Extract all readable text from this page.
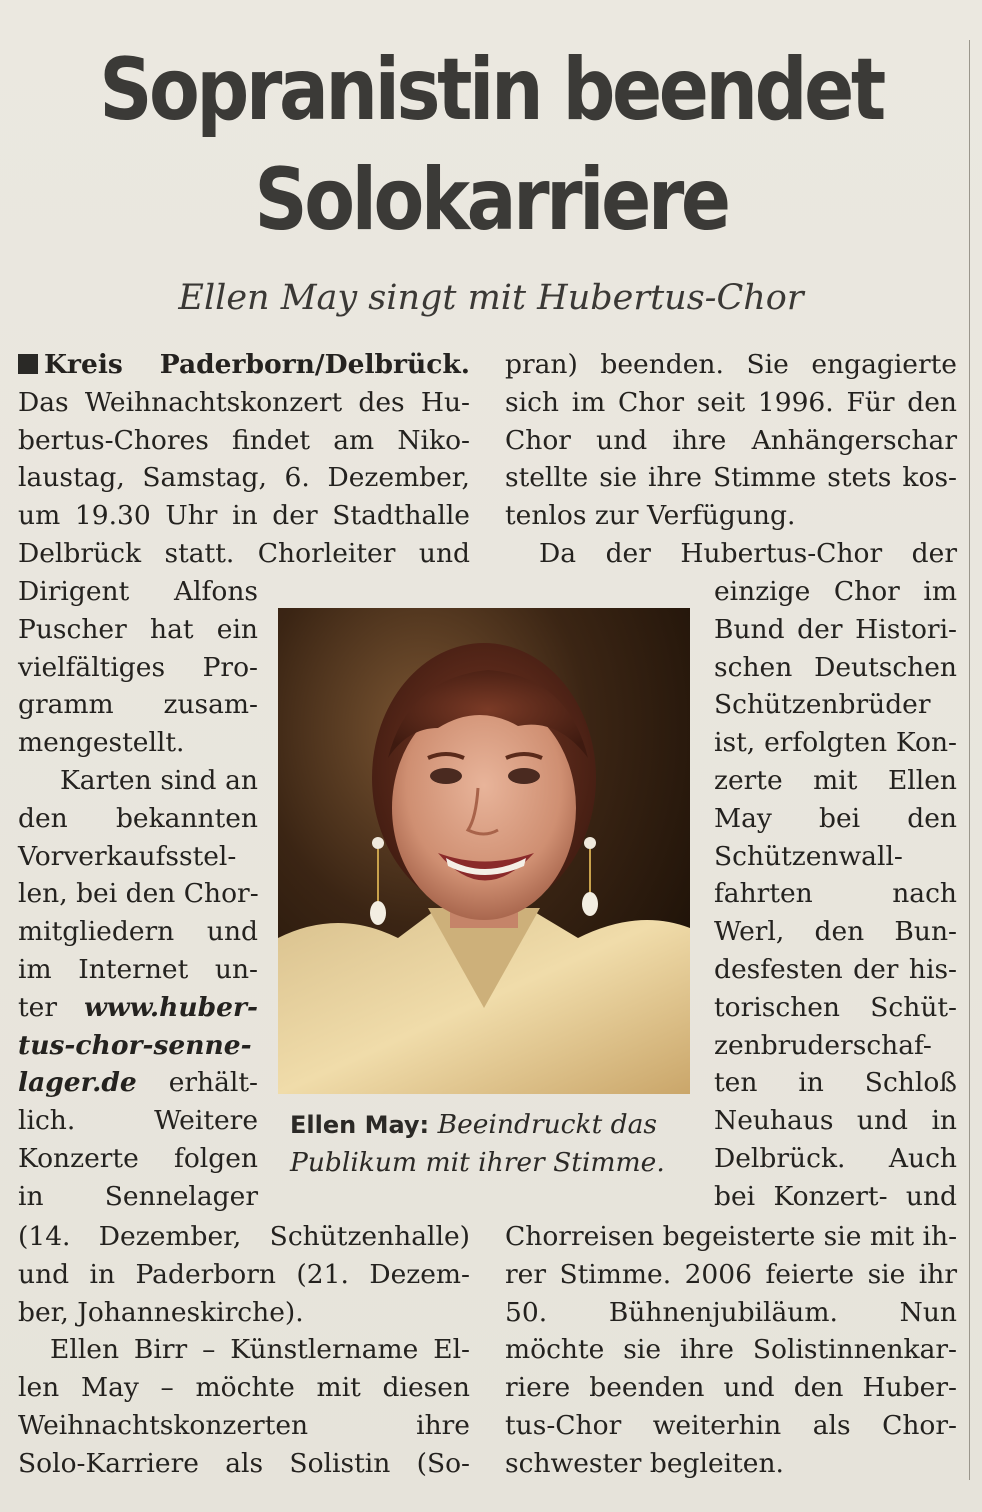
Sopranistin beendet
Solokarriere
Ellen May singt mit Hubertus-Chor

Kreis Paderborn/Delbrück.

Das Weihnachtskonzert des Hu-

bertus-Chores findet am Niko-

laustag, Samstag, 6. Dezember,

um 19.30 Uhr in der Stadthalle

Delbrück statt. Chorleiter und

Dirigent Alfons

Puscher hat ein

vielfältiges Pro-

gramm zusam-

mengestellt.

Karten sind an

den bekannten

Vorverkaufsstel-

len, bei den Chor-

mitgliedern und

im Internet un-

ter www.huber-

tus-chor-senne-

lager.de erhält-

lich. Weitere

Konzerte folgen

in Sennelager

(14. Dezember, Schützenhalle)

und in Paderborn (21. Dezem-

ber, Johanneskirche).

Ellen Birr – Künstlername El-

len May – möchte mit diesen

Weihnachtskonzerten ihre

Solo-Karriere als Solistin (So-

Ellen May: Beeindruckt das Publikum mit ihrer Stimme.

pran) beenden. Sie engagierte

sich im Chor seit 1996. Für den

Chor und ihre Anhängerschar

stellte sie ihre Stimme stets kos-

tenlos zur Verfügung.

Da der Hubertus-Chor der

einzige Chor im

Bund der Histori-

schen Deutschen

Schützenbrüder

ist, erfolgten Kon-

zerte mit Ellen

May bei den

Schützenwall-

fahrten nach

Werl, den Bun-

desfesten der his-

torischen Schüt-

zenbruderschaf-

ten in Schloß

Neuhaus und in

Delbrück. Auch

bei Konzert- und

Chorreisen begeisterte sie mit ih-

rer Stimme. 2006 feierte sie ihr

50. Bühnenjubiläum. Nun

möchte sie ihre Solistinnenkar-

riere beenden und den Huber-

tus-Chor weiterhin als Chor-

schwester begleiten.
